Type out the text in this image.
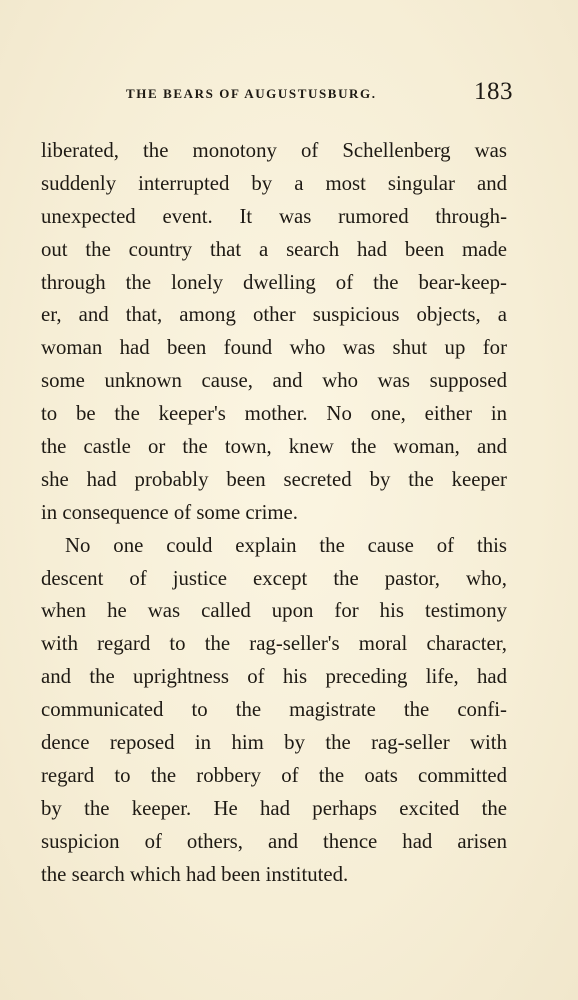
THE BEARS OF AUGUSTUSBURG.	183
liberated, the monotony of Schellenberg was
suddenly interrupted by a most singular and
unexpected event. It was rumored through-
out the country that a search had been made
through the lonely dwelling of the bear-keep-
er, and that, among other suspicious objects, a
woman had been found who was shut up for
some unknown cause, and who was supposed
to be the keeper's mother. No one, either in
the castle or the town, knew the woman, and
she had probably been secreted by the keeper
in consequence of some crime.
No one could explain the cause of this
descent of justice except the pastor, who,
when he was called upon for his testimony
with regard to the rag-seller's moral character,
and the uprightness of his preceding life, had
communicated to the magistrate the confi-
dence reposed in him by the rag-seller with
regard to the robbery of the oats committed
by the keeper. He had perhaps excited the
suspicion of others, and thence had arisen
the search which had been instituted.
